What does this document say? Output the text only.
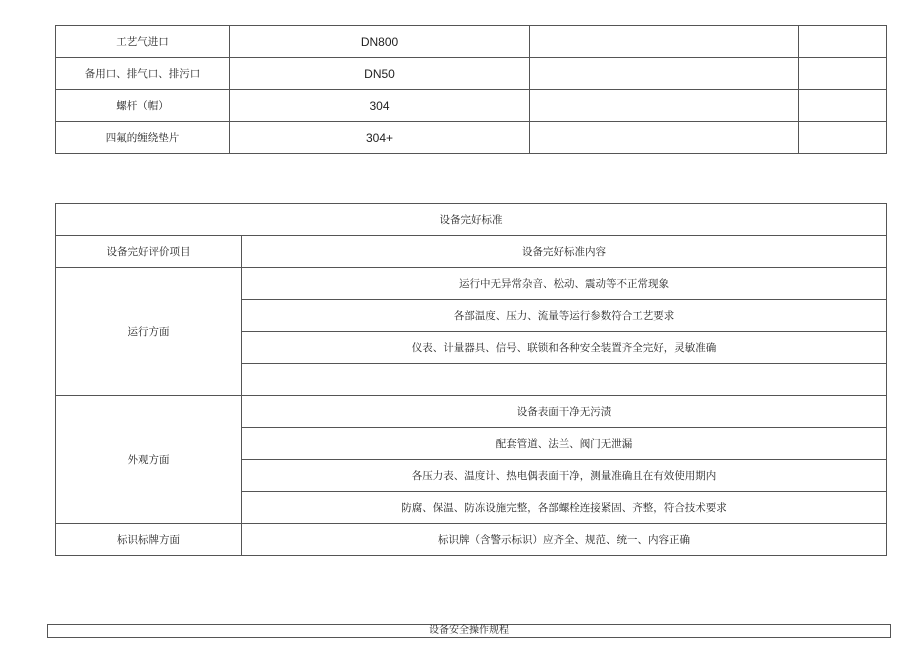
工艺气进口	DN800		
备用口、排气口、排污口	DN50		
螺杆（帽）	304		
四氟的缠绕垫片	304+		
设备完好标准	
设备完好评价项目	设备完好标准内容
运行方面	运行中无异常杂音、松动、震动等不正常现象
	各部温度、压力、流量等运行参数符合工艺要求
	仪表、计量器具、信号、联锁和各种安全装置齐全完好，灵敏准确

外观方面	设备表面干净无污渍
	配套管道、法兰、阀门无泄漏
	各压力表、温度计、热电偶表面干净，测量准确且在有效使用期内
	防腐、保温、防冻设施完整，各部螺栓连接紧固、齐整，符合技术要求
标识标牌方面	标识牌（含警示标识）应齐全、规范、统一、内容正确
设备安全操作规程
